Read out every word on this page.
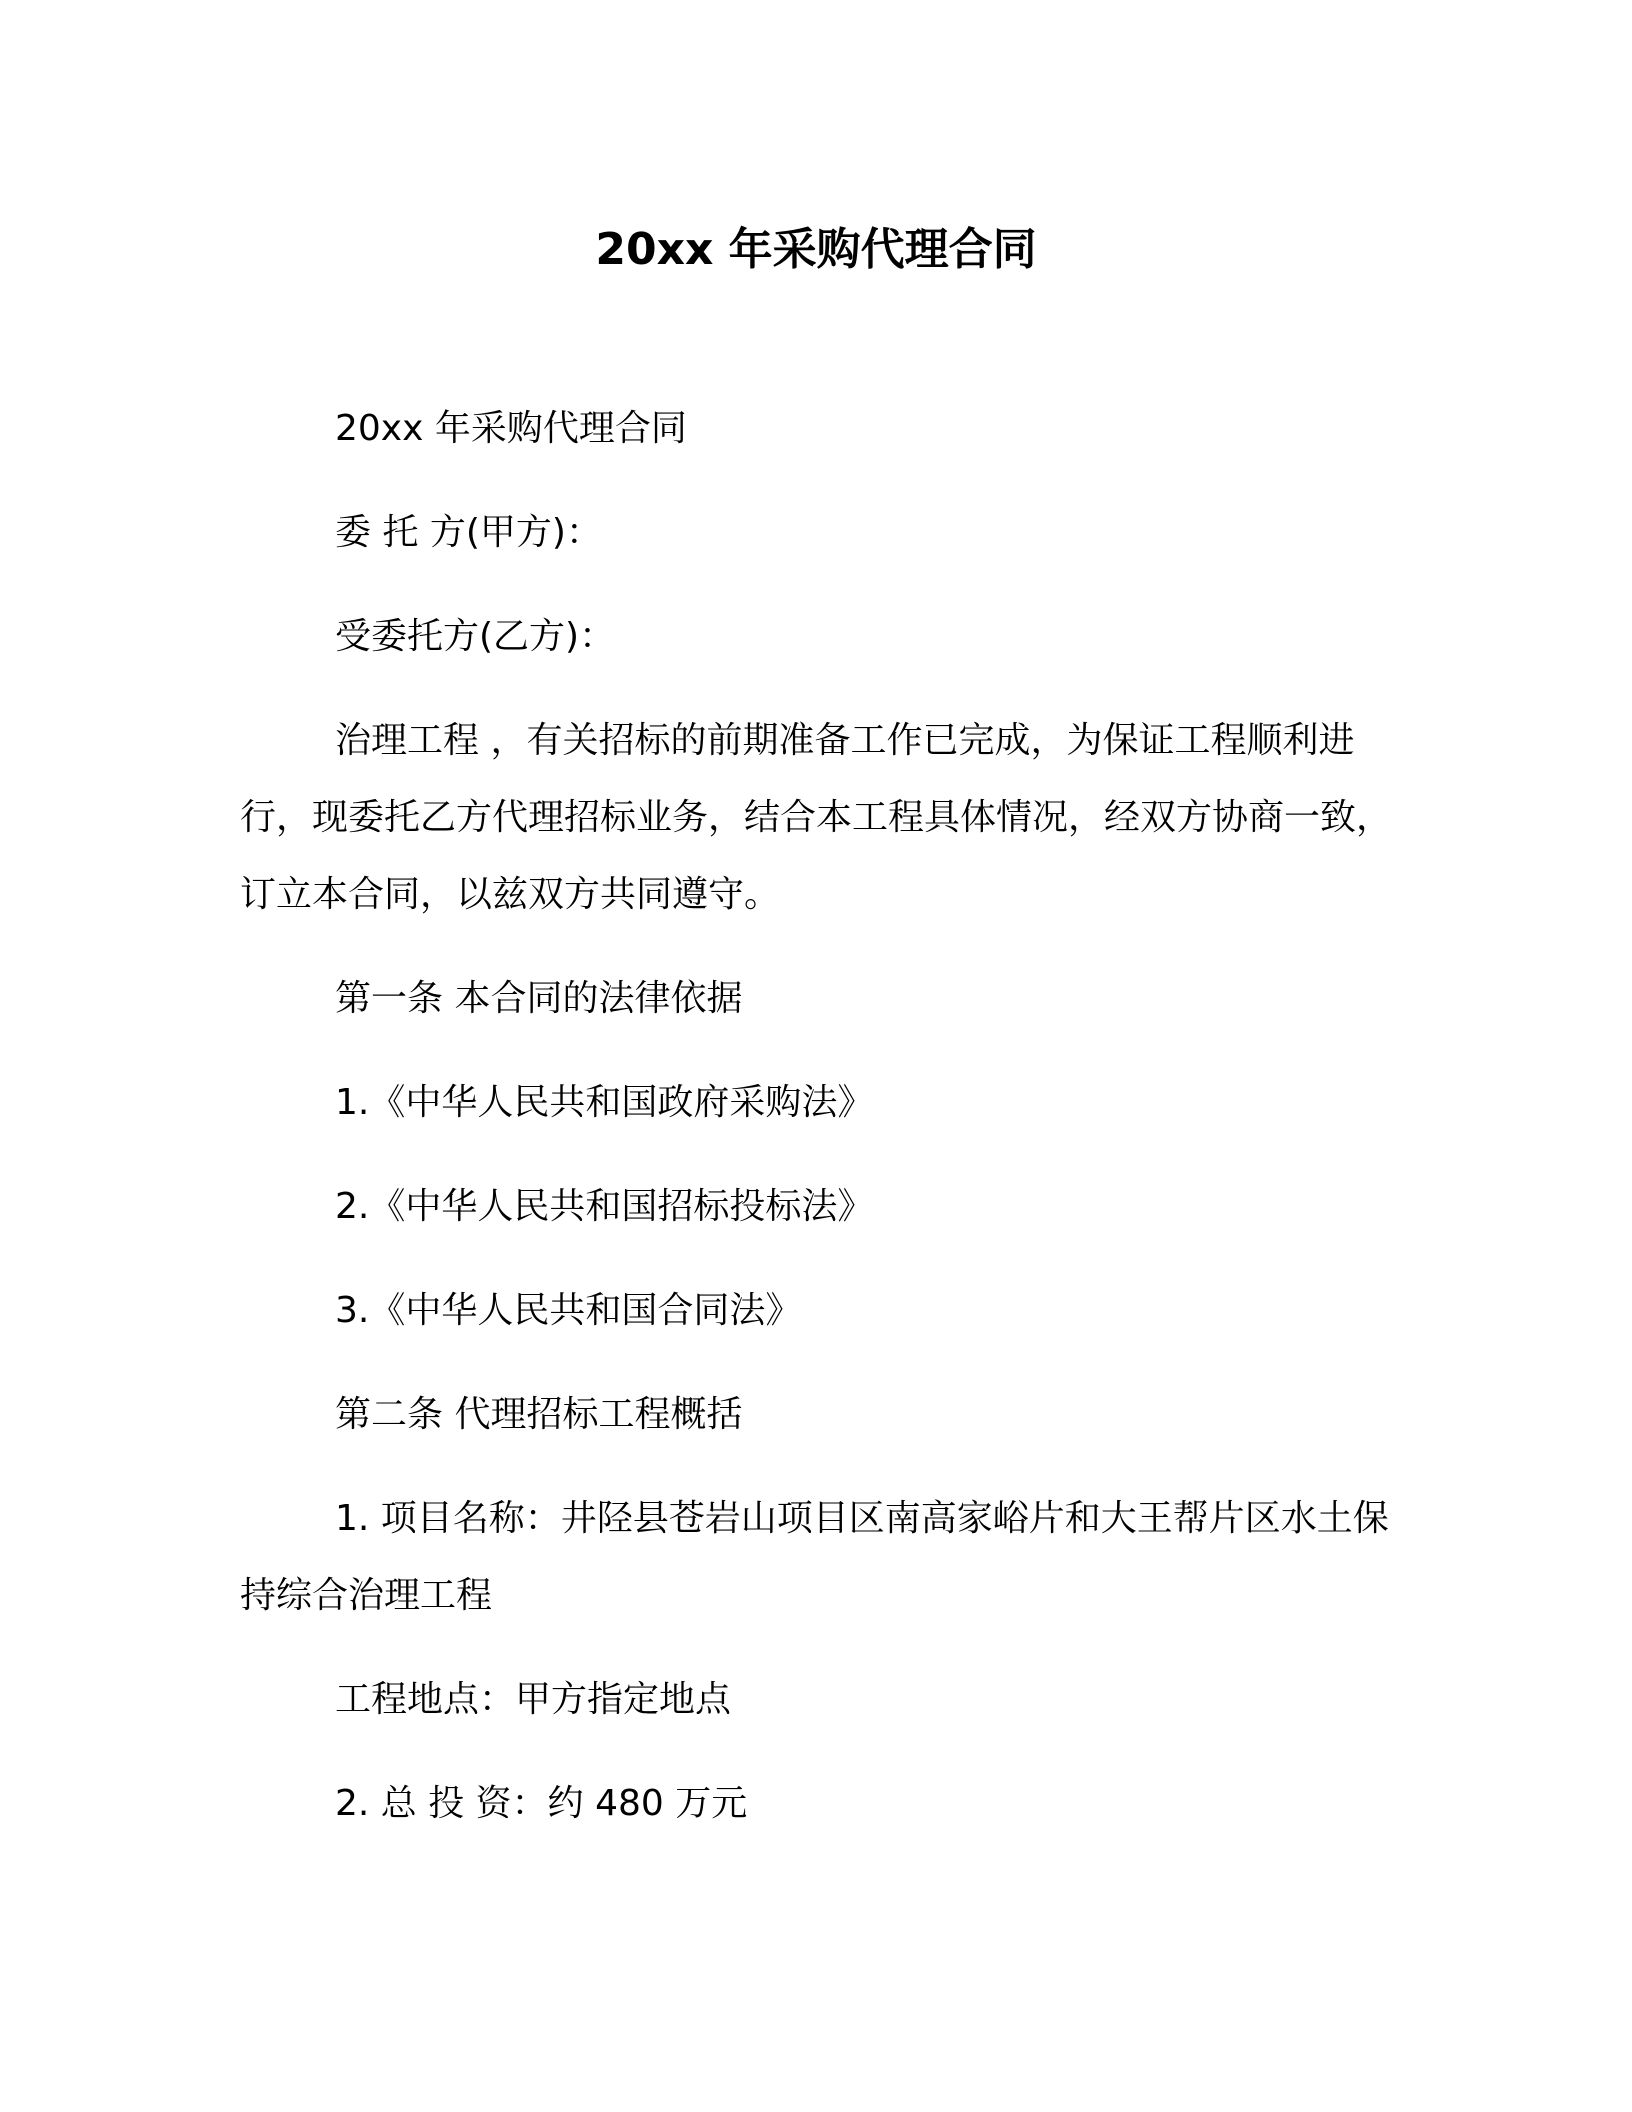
20xx 年采购代理合同

20xx 年采购代理合同

委 托 方(甲方)：

受委托方(乙方)：

治理工程 ，有关招标的前期准备工作已完成，为保证工程顺利进行，现委托乙方代理招标业务，结合本工程具体情况，经双方协商一致，订立本合同，以兹双方共同遵守。

第一条 本合同的法律依据

1.《中华人民共和国政府采购法》

2.《中华人民共和国招标投标法》

3.《中华人民共和国合同法》

第二条 代理招标工程概括

1. 项目名称：井陉县苍岩山项目区南高家峪片和大王帮片区水土保持综合治理工程

工程地点：甲方指定地点

2. 总 投 资：约 480 万元
